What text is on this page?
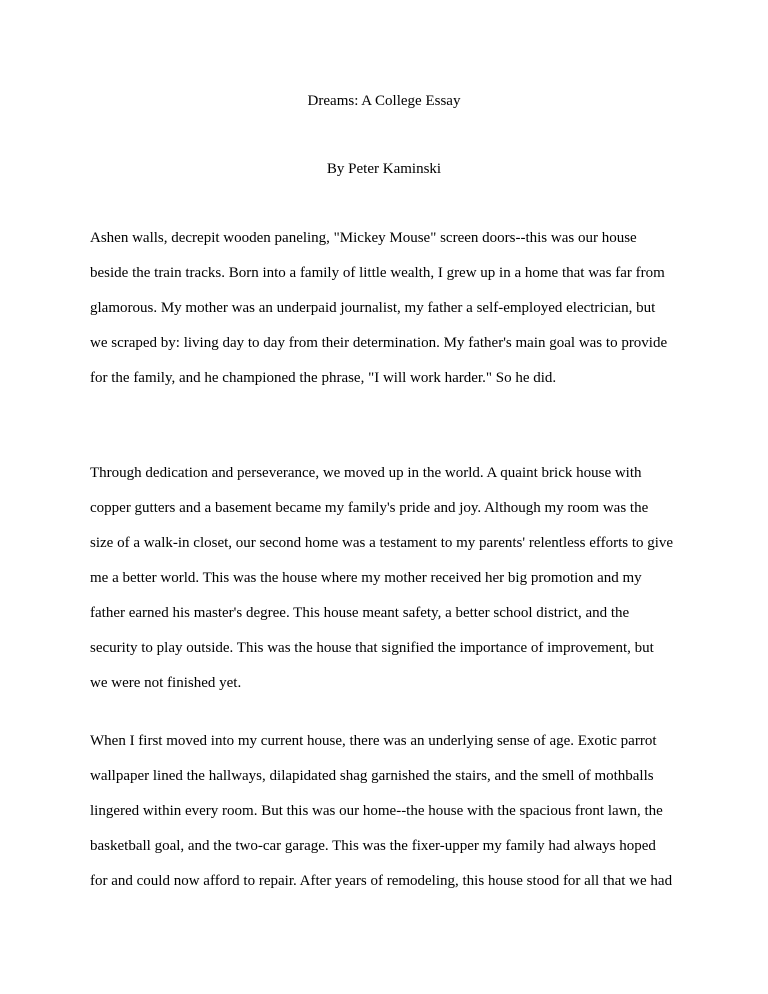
Dreams: A College Essay
By Peter Kaminski
Ashen walls, decrepit wooden paneling, "Mickey Mouse" screen doors--this was our house
beside the train tracks. Born into a family of little wealth, I grew up in a home that was far from
glamorous. My mother was an underpaid journalist, my father a self-employed electrician, but
we scraped by: living day to day from their determination. My father's main goal was to provide
for the family, and he championed the phrase, "I will work harder." So he did.
Through dedication and perseverance, we moved up in the world. A quaint brick house with
copper gutters and a basement became my family's pride and joy. Although my room was the
size of a walk-in closet, our second home was a testament to my parents' relentless efforts to give
me a better world. This was the house where my mother received her big promotion and my
father earned his master's degree. This house meant safety, a better school district, and the
security to play outside. This was the house that signified the importance of improvement, but
we were not finished yet.
When I first moved into my current house, there was an underlying sense of age. Exotic parrot
wallpaper lined the hallways, dilapidated shag garnished the stairs, and the smell of mothballs
lingered within every room. But this was our home--the house with the spacious front lawn, the
basketball goal, and the two-car garage. This was the fixer-upper my family had always hoped
for and could now afford to repair. After years of remodeling, this house stood for all that we had
